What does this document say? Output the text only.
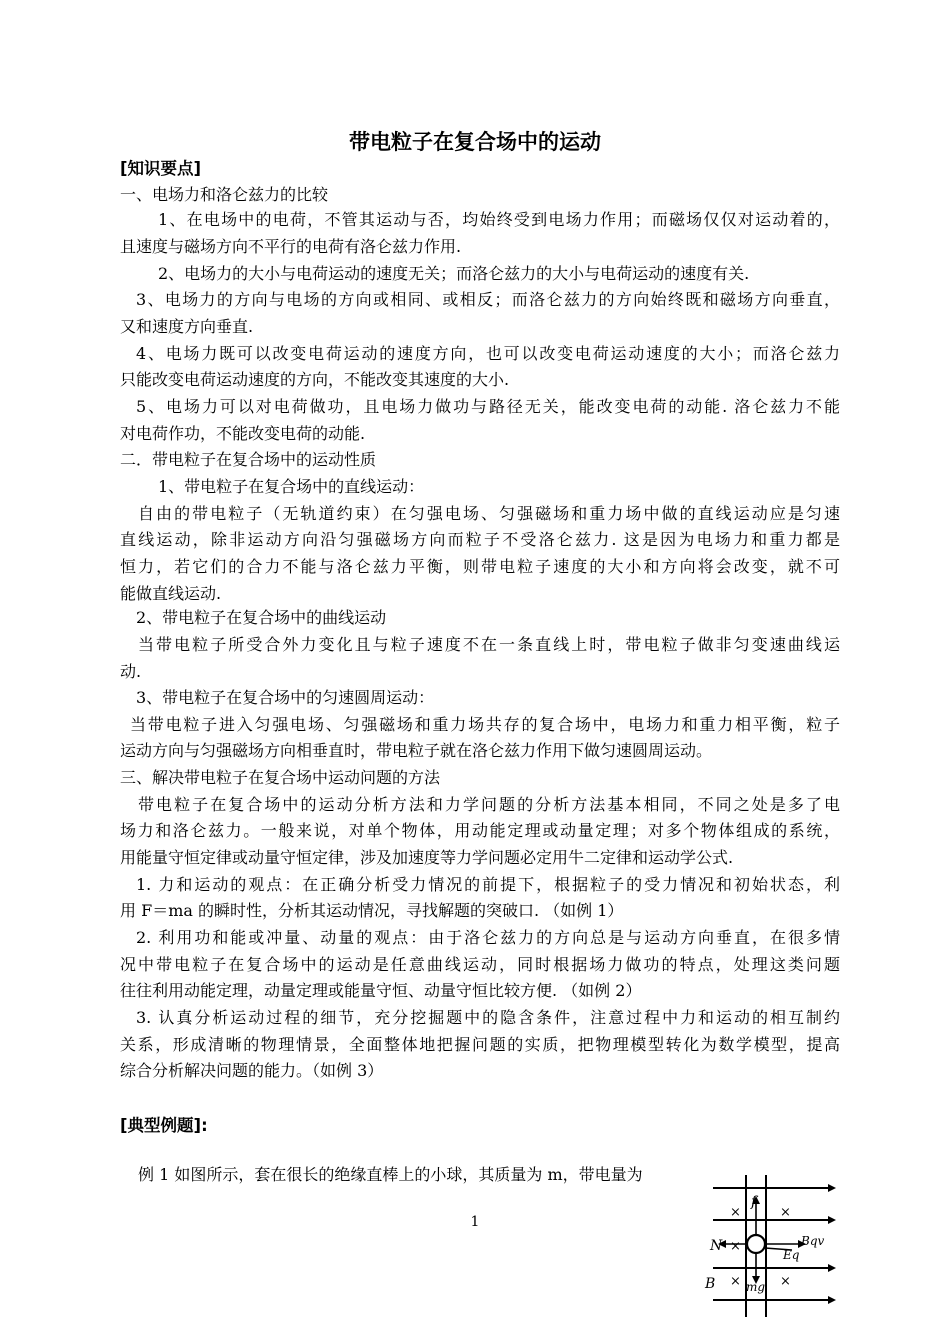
带电粒子在复合场中的运动
[知识要点]
一、电场力和洛仑兹力的比较
1、在电场中的电荷，不管其运动与否，均始终受到电场力作用；而磁场仅仅对运动着的，
且速度与磁场方向不平行的电荷有洛仑兹力作用.
2、电场力的大小与电荷运动的速度无关；而洛仑兹力的大小与电荷运动的速度有关.
3、电场力的方向与电场的方向或相同、或相反；而洛仑兹力的方向始终既和磁场方向垂直，
又和速度方向垂直.
4、电场力既可以改变电荷运动的速度方向，也可以改变电荷运动速度的大小；而洛仑兹力
只能改变电荷运动速度的方向，不能改变其速度的大小.
5、电场力可以对电荷做功，且电场力做功与路径无关，能改变电荷的动能. 洛仑兹力不能
对电荷作功，不能改变电荷的动能.
二．带电粒子在复合场中的运动性质
1、带电粒子在复合场中的直线运动：
自由的带电粒子（无轨道约束）在匀强电场、匀强磁场和重力场中做的直线运动应是匀速
直线运动，除非运动方向沿匀强磁场方向而粒子不受洛仑兹力. 这是因为电场力和重力都是
恒力，若它们的合力不能与洛仑兹力平衡，则带电粒子速度的大小和方向将会改变，就不可
能做直线运动.
2、带电粒子在复合场中的曲线运动
当带电粒子所受合外力变化且与粒子速度不在一条直线上时，带电粒子做非匀变速曲线运
动.
3、带电粒子在复合场中的匀速圆周运动：
当带电粒子进入匀强电场、匀强磁场和重力场共存的复合场中，电场力和重力相平衡，粒子
运动方向与匀强磁场方向相垂直时，带电粒子就在洛仑兹力作用下做匀速圆周运动。
三、解决带电粒子在复合场中运动问题的方法
带电粒子在复合场中的运动分析方法和力学问题的分析方法基本相同，不同之处是多了电
场力和洛仑兹力。一般来说，对单个物体，用动能定理或动量定理；对多个物体组成的系统，
用能量守恒定律或动量守恒定律，涉及加速度等力学问题必定用牛二定律和运动学公式.
1. 力和运动的观点：在正确分析受力情况的前提下，根据粒子的受力情况和初始状态，利
用 F＝ma 的瞬时性，分析其运动情况，寻找解题的突破口. （如例 1）
2. 利用功和能或冲量、动量的观点：由于洛仑兹力的方向总是与运动方向垂直，在很多情
况中带电粒子在复合场中的运动是任意曲线运动，同时根据场力做功的特点，处理这类问题
往往利用动能定理，动量定理或能量守恒、动量守恒比较方便. （如例 2）
3. 认真分析运动过程的细节，充分挖掘题中的隐含条件，注意过程中力和运动的相互制约
关系，形成清晰的物理情景，全面整体地把握问题的实质，把物理模型转化为数学模型，提高
综合分析解决问题的能力。（如例 3）
[典型例题]:
例 1 如图所示，套在很长的绝缘直棒上的小球，其质量为 m，带电量为
1
×	×
×
×	×
f
N	Bqv
Eq
mg
B
